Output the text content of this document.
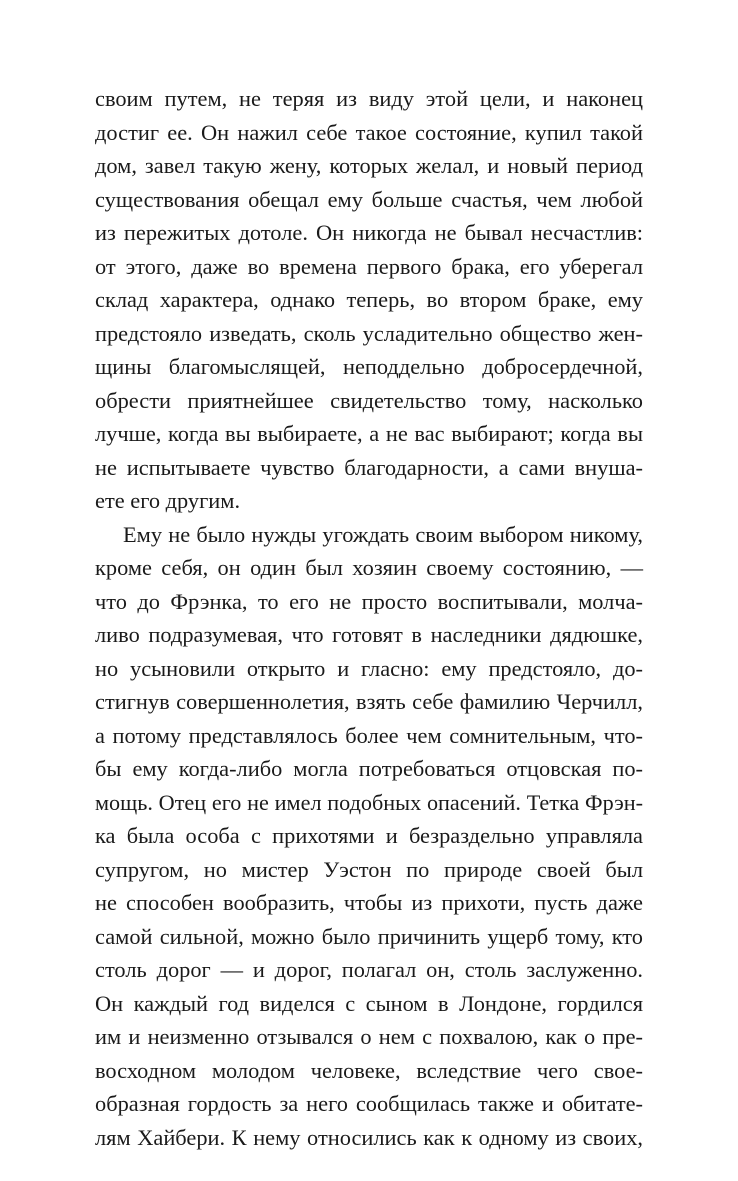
своим путем, не теряя из виду этой цели, и наконец
достиг ее. Он нажил себе такое состояние, купил такой
дом, завел такую жену, которых желал, и новый период
существования обещал ему больше счастья, чем любой
из пережитых дотоле. Он никогда не бывал несчастлив:
от этого, даже во времена первого брака, его уберегал
склад характера, однако теперь, во втором браке, ему
предстояло изведать, сколь усладительно общество жен-
щины благомыслящей, неподдельно добросердечной,
обрести приятнейшее свидетельство тому, насколько
лучше, когда вы выбираете, а не вас выбирают; когда вы
не испытываете чувство благодарности, а сами внуша-
ете его другим.
Ему не было нужды угождать своим выбором никому,
кроме себя, он один был хозяин своему состоянию, —
что до Фрэнка, то его не просто воспитывали, молча-
ливо подразумевая, что готовят в наследники дядюшке,
но усыновили открыто и гласно: ему предстояло, до-
стигнув совершеннолетия, взять себе фамилию Черчилл,
а потому представлялось более чем сомнительным, что-
бы ему когда-либо могла потребоваться отцовская по-
мощь. Отец его не имел подобных опасений. Тетка Фрэн-
ка была особа с прихотями и безраздельно управляла
супругом, но мистер Уэстон по природе своей был
не способен вообразить, чтобы из прихоти, пусть даже
самой сильной, можно было причинить ущерб тому, кто
столь дорог — и дорог, полагал он, столь заслуженно.
Он каждый год виделся с сыном в Лондоне, гордился
им и неизменно отзывался о нем с похвалою, как о пре-
восходном молодом человеке, вследствие чего свое-
образная гордость за него сообщилась также и обитате-
лям Хайбери. К нему относились как к одному из своих,
